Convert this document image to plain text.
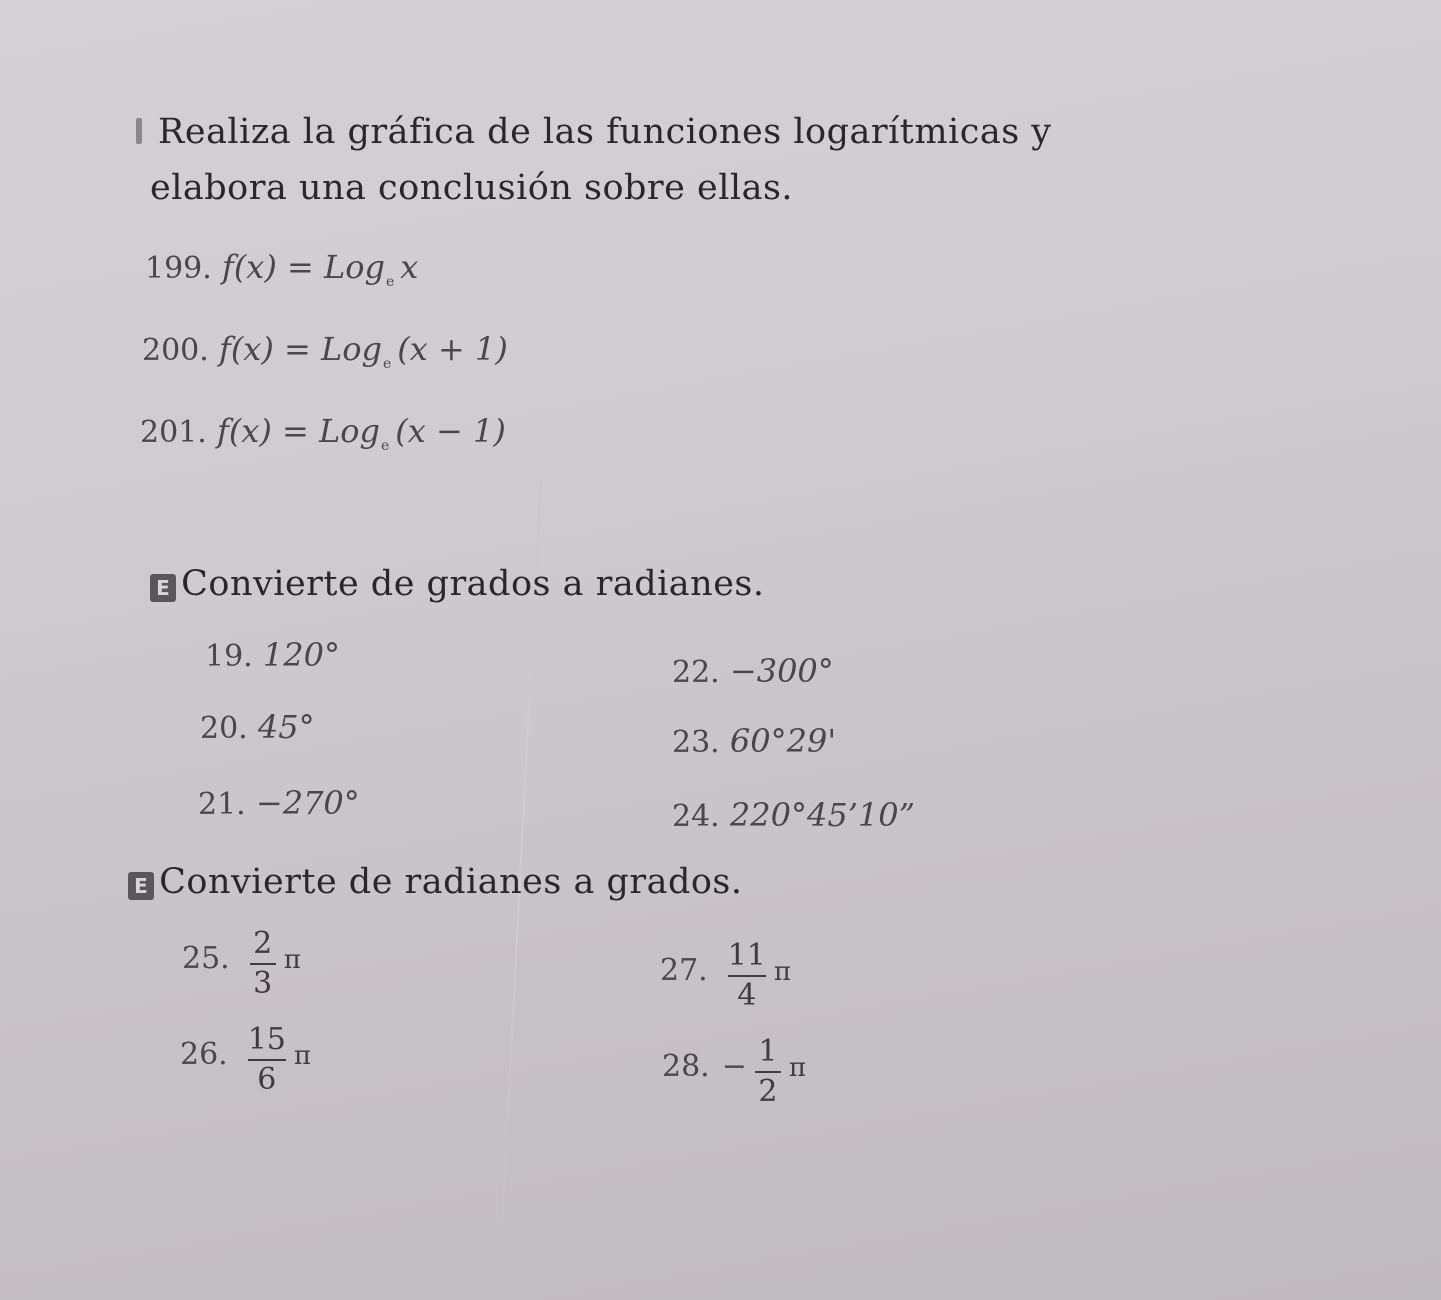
Realiza la gráfica de las funciones logarítmicas y
elabora una conclusión sobre ellas.
199. f(x) = Log$_e$ x
200. f(x) = Log$_e$ (x + 1)
201. f(x) = Log$_e$ (x − 1)
E Convierte de grados a radianes.
19. 120°
20. 45°
21. −270°
22. −300°
23. 60°29'
24. 220°45’10”
E Convierte de radianes a grados.
25. $\frac{2}{3}$ π
26. $\frac{15}{6}$ π
27. $\frac{11}{4}$ π
28. − $\frac{1}{2}$ π
